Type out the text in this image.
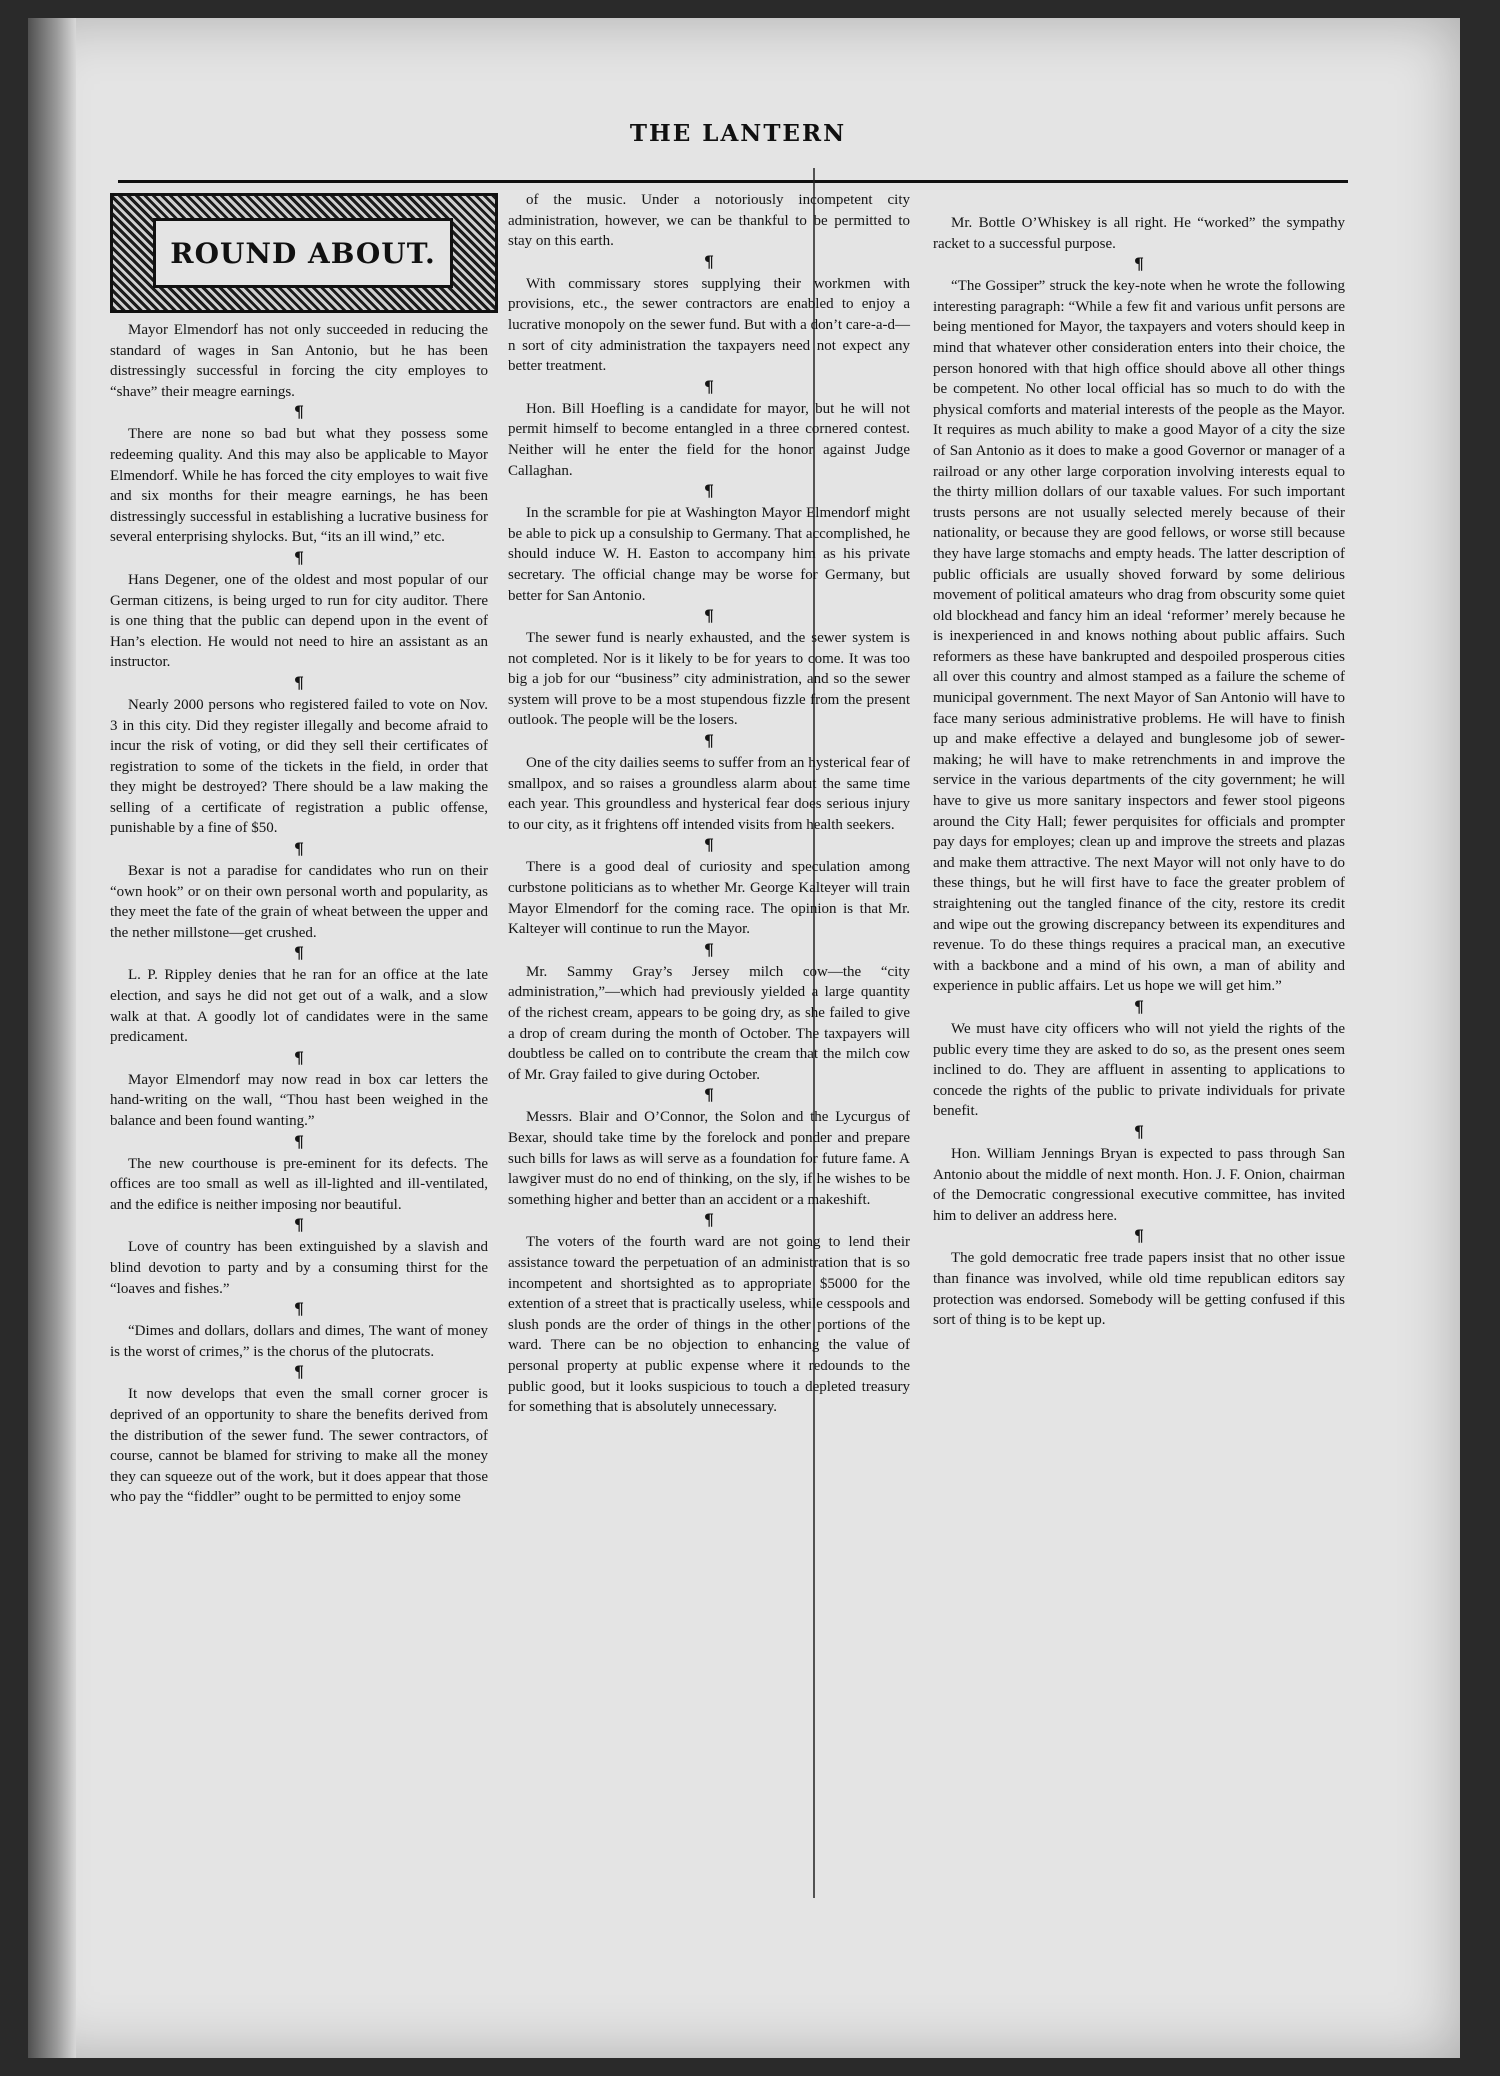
THE LANTERN
ROUND ABOUT.

Mayor Elmendorf has not only succeeded in reducing the standard of wages in San Antonio, but he has been distressingly successful in forcing the city employes to “shave” their meagre earnings.

¶

There are none so bad but what they possess some redeeming quality. And this may also be applicable to Mayor Elmendorf. While he has forced the city employes to wait five and six months for their meagre earnings, he has been distressingly successful in establishing a lucrative business for several enterprising shylocks. But, “its an ill wind,” etc.

¶

Hans Degener, one of the oldest and most popular of our German citizens, is being urged to run for city auditor. There is one thing that the public can depend upon in the event of Han’s election. He would not need to hire an assistant as an instructor.

¶

Nearly 2000 persons who registered failed to vote on Nov. 3 in this city. Did they register illegally and become afraid to incur the risk of voting, or did they sell their certificates of registration to some of the tickets in the field, in order that they might be destroyed? There should be a law making the selling of a certificate of registration a public offense, punishable by a fine of $50.

¶

Bexar is not a paradise for candidates who run on their “own hook” or on their own personal worth and popularity, as they meet the fate of the grain of wheat between the upper and the nether millstone—get crushed.

¶

L. P. Rippley denies that he ran for an office at the late election, and says he did not get out of a walk, and a slow walk at that. A goodly lot of candidates were in the same predicament.

¶

Mayor Elmendorf may now read in box car letters the hand-writing on the wall, “Thou hast been weighed in the balance and been found wanting.”

¶

The new courthouse is pre-eminent for its defects. The offices are too small as well as ill-lighted and ill-ventilated, and the edifice is neither imposing nor beautiful.

¶

Love of country has been extinguished by a slavish and blind devotion to party and by a consuming thirst for the “loaves and fishes.”

¶

“Dimes and dollars, dollars and dimes, The want of money is the worst of crimes,” is the chorus of the plutocrats.

¶

It now develops that even the small corner grocer is deprived of an opportunity to share the benefits derived from the distribution of the sewer fund. The sewer contractors, of course, cannot be blamed for striving to make all the money they can squeeze out of the work, but it does appear that those who pay the “fiddler” ought to be permitted to enjoy some

of the music. Under a notoriously incompetent city administration, however, we can be thankful to be permitted to stay on this earth.

¶

With commissary stores supplying their workmen with provisions, etc., the sewer contractors are enabled to enjoy a lucrative monopoly on the sewer fund. But with a don’t care-a-d—n sort of city administration the taxpayers need not expect any better treatment.

¶

Hon. Bill Hoefling is a candidate for mayor, but he will not permit himself to become entangled in a three cornered contest. Neither will he enter the field for the honor against Judge Callaghan.

¶

In the scramble for pie at Washington Mayor Elmendorf might be able to pick up a consulship to Germany. That accomplished, he should induce W. H. Easton to accompany him as his private secretary. The official change may be worse for Germany, but better for San Antonio.

¶

The sewer fund is nearly exhausted, and the sewer system is not completed. Nor is it likely to be for years to come. It was too big a job for our “business” city administration, and so the sewer system will prove to be a most stupendous fizzle from the present outlook. The people will be the losers.

¶

One of the city dailies seems to suffer from an hysterical fear of smallpox, and so raises a groundless alarm about the same time each year. This groundless and hysterical fear does serious injury to our city, as it frightens off intended visits from health seekers.

¶

There is a good deal of curiosity and speculation among curbstone politicians as to whether Mr. George Kalteyer will train Mayor Elmendorf for the coming race. The opinion is that Mr. Kalteyer will continue to run the Mayor.

¶

Mr. Sammy Gray’s Jersey milch cow—the “city administration,”—which had previously yielded a large quantity of the richest cream, appears to be going dry, as she failed to give a drop of cream during the month of October. The taxpayers will doubtless be called on to contribute the cream that the milch cow of Mr. Gray failed to give during October.

¶

Messrs. Blair and O’Connor, the Solon and the Lycurgus of Bexar, should take time by the forelock and ponder and prepare such bills for laws as will serve as a foundation for future fame. A lawgiver must do no end of thinking, on the sly, if he wishes to be something higher and better than an accident or a makeshift.

¶

The voters of the fourth ward are not going to lend their assistance toward the perpetuation of an administration that is so incompetent and shortsighted as to appropriate $5000 for the extention of a street that is practically useless, while cesspools and slush ponds are the order of things in the other portions of the ward. There can be no objection to enhancing the value of personal property at public expense where it redounds to the public good, but it looks suspicious to touch a depleted treasury for something that is absolutely unnecessary.

Mr. Bottle O’Whiskey is all right. He “worked” the sympathy racket to a successful purpose.

¶

“The Gossiper” struck the key-note when he wrote the following interesting paragraph: “While a few fit and various unfit persons are being mentioned for Mayor, the taxpayers and voters should keep in mind that whatever other consideration enters into their choice, the person honored with that high office should above all other things be competent. No other local official has so much to do with the physical comforts and material interests of the people as the Mayor. It requires as much ability to make a good Mayor of a city the size of San Antonio as it does to make a good Governor or manager of a railroad or any other large corporation involving interests equal to the thirty million dollars of our taxable values. For such important trusts persons are not usually selected merely because of their nationality, or because they are good fellows, or worse still because they have large stomachs and empty heads. The latter description of public officials are usually shoved forward by some delirious movement of political amateurs who drag from obscurity some quiet old blockhead and fancy him an ideal ‘reformer’ merely because he is inexperienced in and knows nothing about public affairs. Such reformers as these have bankrupted and despoiled prosperous cities all over this country and almost stamped as a failure the scheme of municipal government. The next Mayor of San Antonio will have to face many serious administrative problems. He will have to finish up and make effective a delayed and bunglesome job of sewer-making; he will have to make retrenchments in and improve the service in the various departments of the city government; he will have to give us more sanitary inspectors and fewer stool pigeons around the City Hall; fewer perquisites for officials and prompter pay days for employes; clean up and improve the streets and plazas and make them attractive. The next Mayor will not only have to do these things, but he will first have to face the greater problem of straightening out the tangled finance of the city, restore its credit and wipe out the growing discrepancy between its expenditures and revenue. To do these things requires a pracical man, an executive with a backbone and a mind of his own, a man of ability and experience in public affairs. Let us hope we will get him.”

¶

We must have city officers who will not yield the rights of the public every time they are asked to do so, as the present ones seem inclined to do. They are affluent in assenting to applications to concede the rights of the public to private individuals for private benefit.

¶

Hon. William Jennings Bryan is expected to pass through San Antonio about the middle of next month. Hon. J. F. Onion, chairman of the Democratic congressional executive committee, has invited him to deliver an address here.

¶

The gold democratic free trade papers insist that no other issue than finance was involved, while old time republican editors say protection was endorsed. Somebody will be getting confused if this sort of thing is to be kept up.
